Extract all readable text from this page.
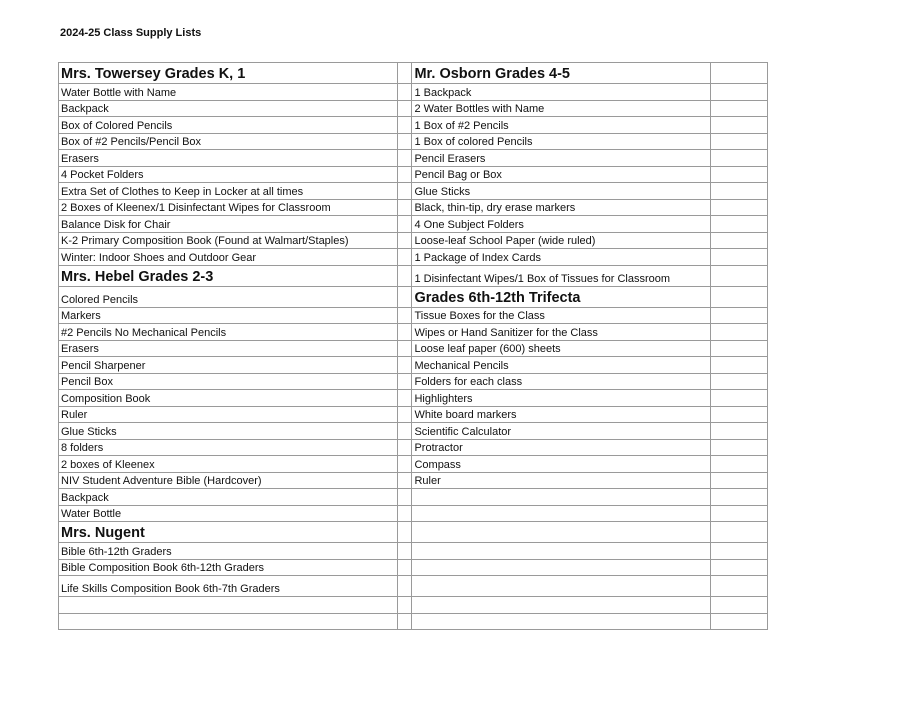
2024-25 Class Supply Lists
Mrs. Towersey Grades K, 1		Mr. Osborn Grades 4-5	
Water Bottle with Name		1 Backpack	
Backpack		2 Water Bottles with Name	
Box of Colored Pencils		1 Box of #2 Pencils	
Box of #2 Pencils/Pencil Box		1 Box of colored Pencils	
Erasers		Pencil Erasers	
4 Pocket Folders		Pencil Bag or Box	
Extra Set of Clothes to Keep in Locker at all times		Glue Sticks	
2 Boxes of Kleenex/1 Disinfectant Wipes for Classroom		Black, thin-tip, dry erase markers	
Balance Disk for Chair		4 One Subject Folders	
K-2 Primary Composition Book (Found at Walmart/Staples)		Loose-leaf School Paper (wide ruled)	
Winter: Indoor Shoes and Outdoor Gear		1 Package of Index Cards	
Mrs. Hebel Grades 2-3		1 Disinfectant Wipes/1 Box of Tissues for Classroom	
Colored Pencils		Grades 6th-12th Trifecta	
Markers		Tissue Boxes for the Class	
#2 Pencils No Mechanical Pencils		Wipes or Hand Sanitizer for the Class	
Erasers		Loose leaf paper (600) sheets	
Pencil Sharpener		Mechanical Pencils	
Pencil Box		Folders for each class	
Composition Book		Highlighters	
Ruler		White board markers	
Glue Sticks		Scientific Calculator	
8 folders		Protractor	
2 boxes of Kleenex		Compass	
NIV Student Adventure Bible (Hardcover)		Ruler	
Backpack			
Water Bottle			
Mrs. Nugent			
Bible 6th-12th Graders			
Bible Composition Book 6th-12th Graders			
Life Skills Composition Book 6th-7th Graders			
